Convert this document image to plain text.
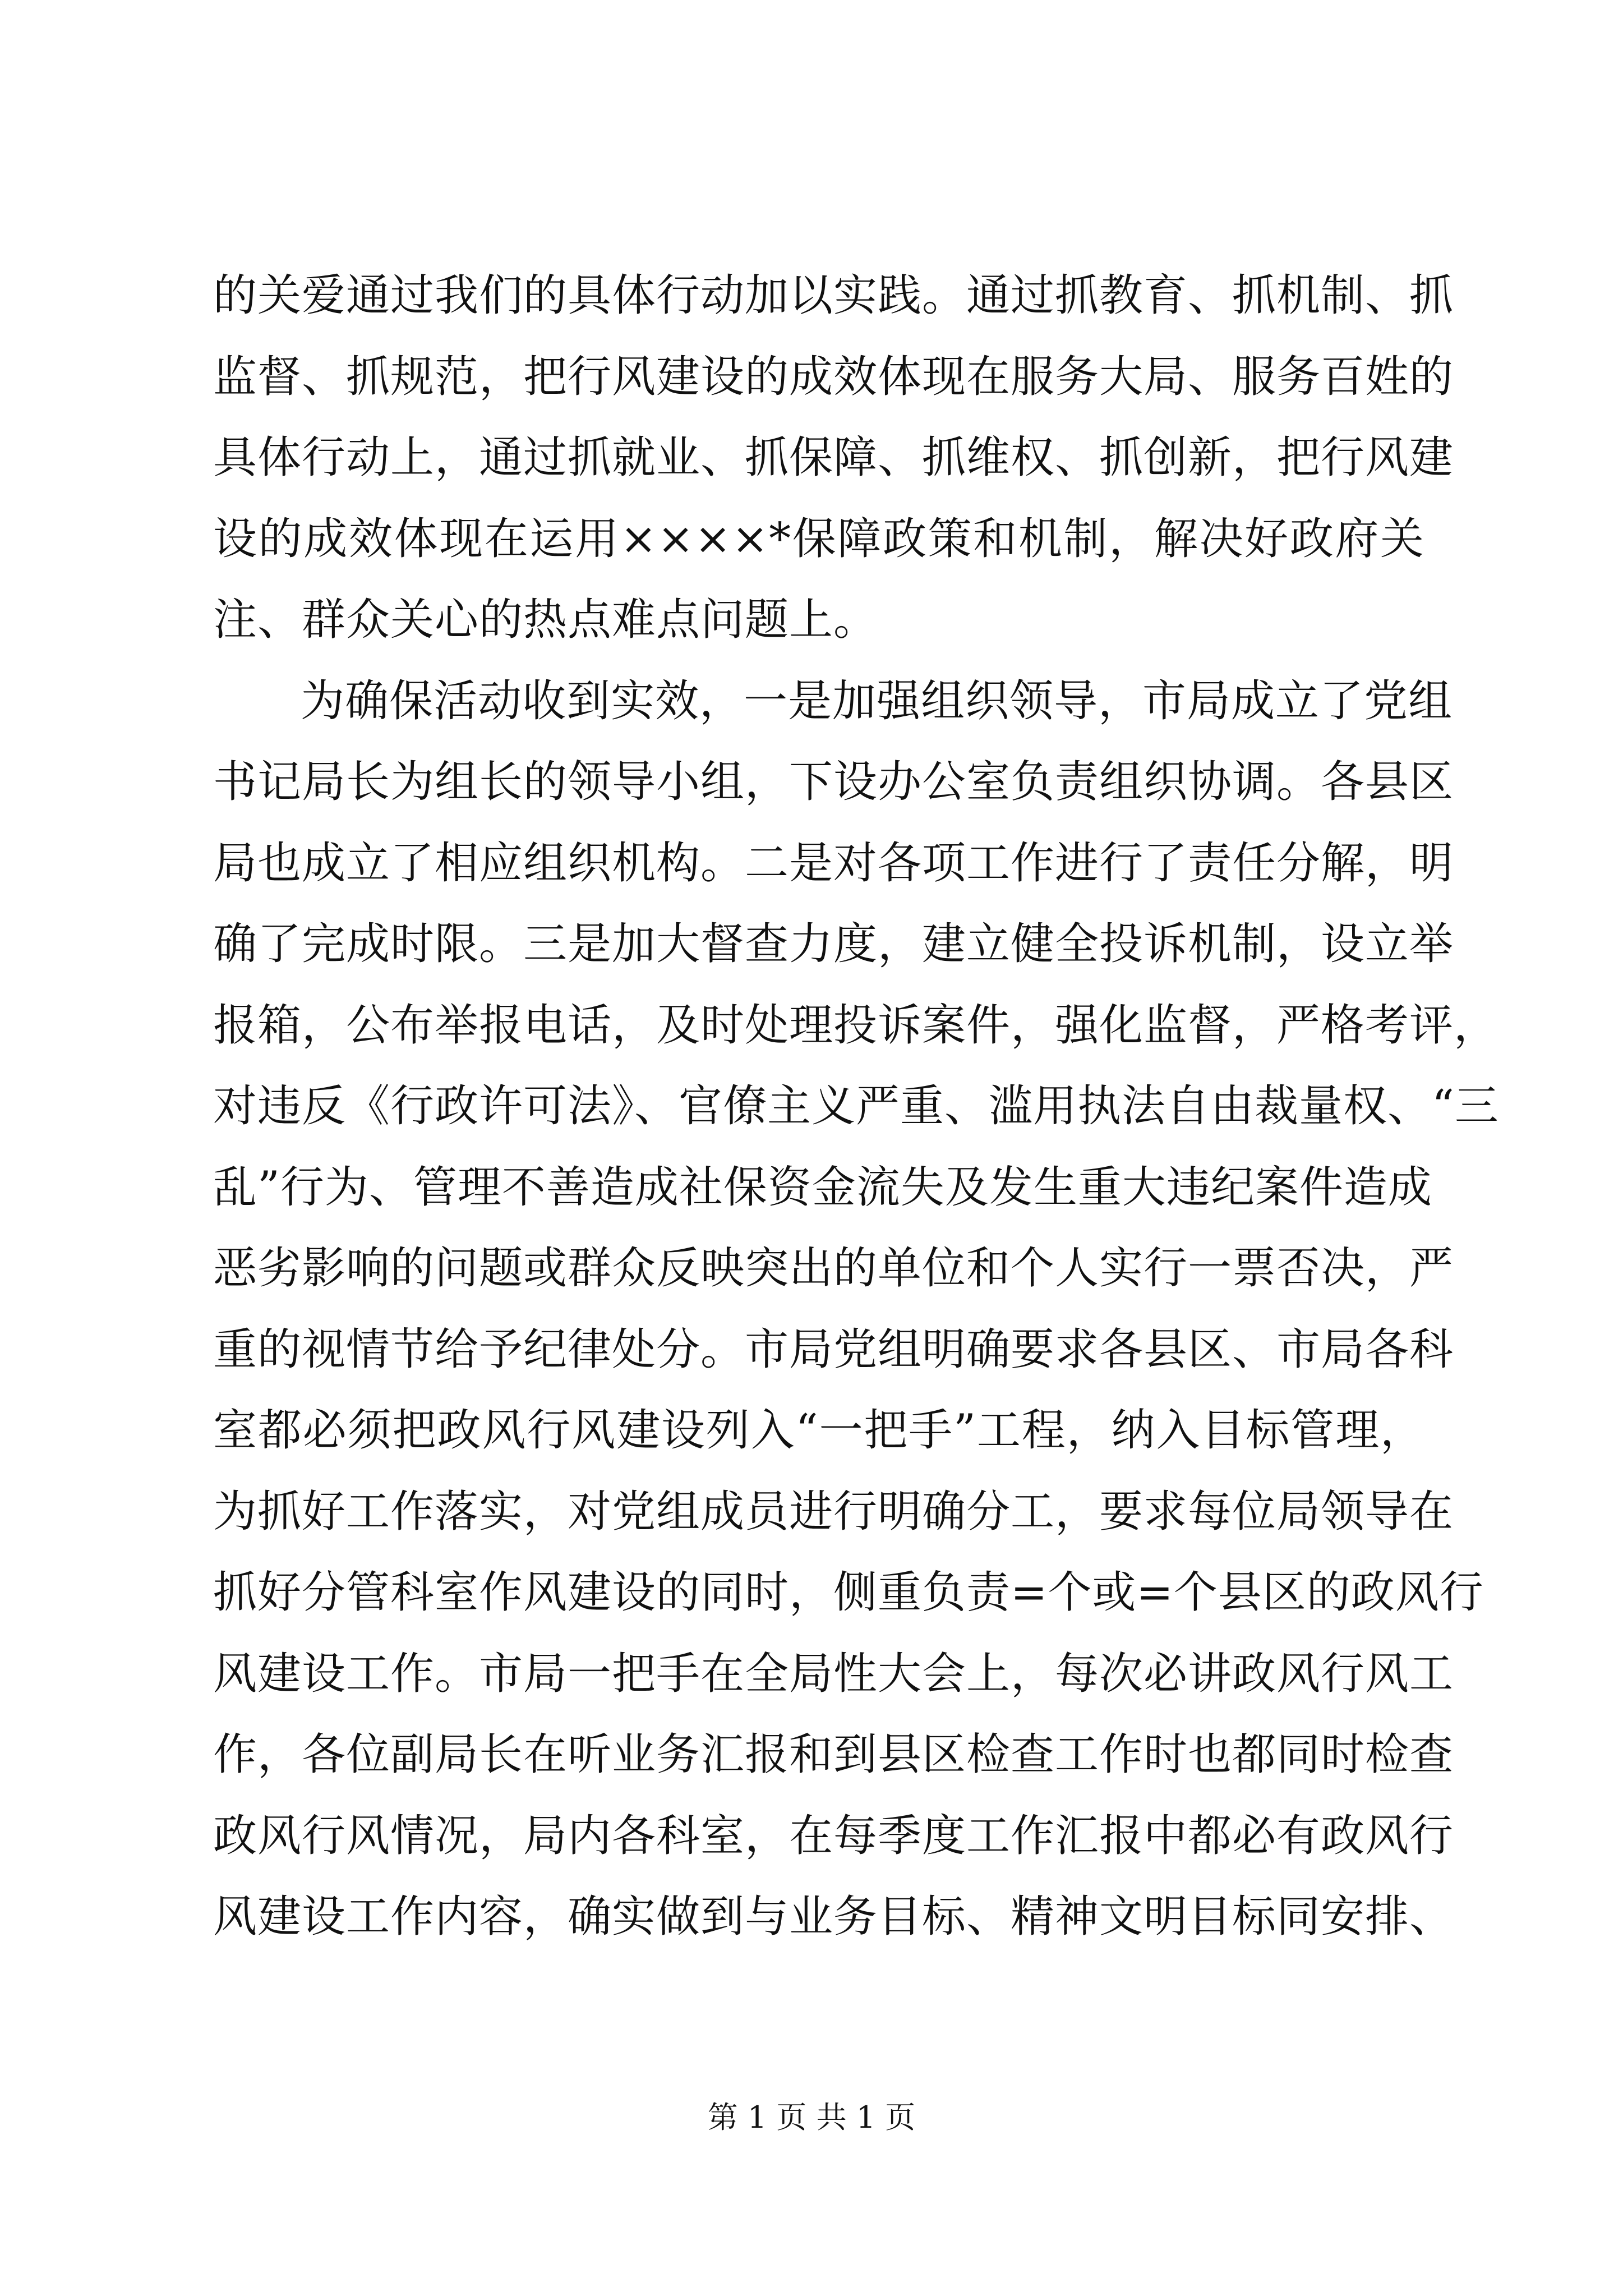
的关爱通过我们的具体行动加以实践。通过抓教育、抓机制、抓
监督、抓规范，把行风建设的成效体现在服务大局、服务百姓的
具体行动上，通过抓就业、抓保障、抓维权、抓创新，把行风建
设的成效体现在运用××××*保障政策和机制，解决好政府关
注、群众关心的热点难点问题上。
为确保活动收到实效，一是加强组织领导，市局成立了党组
书记局长为组长的领导小组，下设办公室负责组织协调。各县区
局也成立了相应组织机构。二是对各项工作进行了责任分解，明
确了完成时限。三是加大督查力度，建立健全投诉机制，设立举
报箱，公布举报电话，及时处理投诉案件，强化监督，严格考评，
对违反《行政许可法》、官僚主义严重、滥用执法自由裁量权、“三
乱”行为、管理不善造成社保资金流失及发生重大违纪案件造成
恶劣影响的问题或群众反映突出的单位和个人实行一票否决，严
重的视情节给予纪律处分。市局党组明确要求各县区、市局各科
室都必须把政风行风建设列入“一把手”工程，纳入目标管理，
为抓好工作落实，对党组成员进行明确分工，要求每位局领导在
抓好分管科室作风建设的同时，侧重负责=个或=个县区的政风行
风建设工作。市局一把手在全局性大会上，每次必讲政风行风工
作，各位副局长在听业务汇报和到县区检查工作时也都同时检查
政风行风情况，局内各科室，在每季度工作汇报中都必有政风行
风建设工作内容，确实做到与业务目标、精神文明目标同安排、
第 1 页 共 1 页
